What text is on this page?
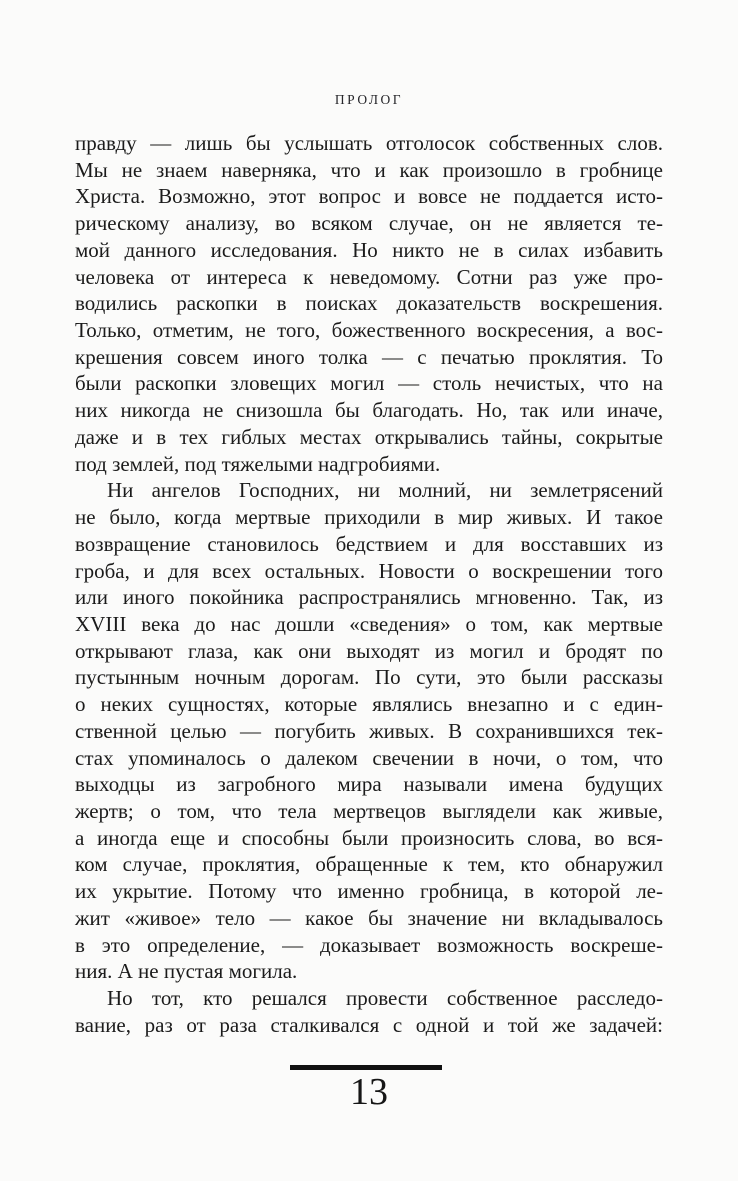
ПРОЛОГ
правду — лишь бы услышать отголосок собственных слов.
Мы не знаем наверняка, что и как произошло в гробнице
Христа. Возможно, этот вопрос и вовсе не поддается исто-
рическому анализу, во всяком случае, он не является те-
мой данного исследования. Но никто не в силах избавить
человека от интереса к неведомому. Сотни раз уже про-
водились раскопки в поисках доказательств воскрешения.
Только, отметим, не того, божественного воскресения, а вос-
крешения совсем иного толка — с печатью проклятия. То
были раскопки зловещих могил — столь нечистых, что на
них никогда не снизошла бы благодать. Но, так или иначе,
даже и в тех гиблых местах открывались тайны, сокрытые
под землей, под тяжелыми надгробиями.
Ни ангелов Господних, ни молний, ни землетрясений
не было, когда мертвые приходили в мир живых. И такое
возвращение становилось бедствием и для восставших из
гроба, и для всех остальных. Новости о воскрешении того
или иного покойника распространялись мгновенно. Так, из
XVIII века до нас дошли «сведения» о том, как мертвые
открывают глаза, как они выходят из могил и бродят по
пустынным ночным дорогам. По сути, это были рассказы
о неких сущностях, которые являлись внезапно и с един-
ственной целью — погубить живых. В сохранившихся тек-
стах упоминалось о далеком свечении в ночи, о том, что
выходцы из загробного мира называли имена будущих
жертв; о том, что тела мертвецов выглядели как живые,
а иногда еще и способны были произносить слова, во вся-
ком случае, проклятия, обращенные к тем, кто обнаружил
их укрытие. Потому что именно гробница, в которой ле-
жит «живое» тело — какое бы значение ни вкладывалось
в это определение, — доказывает возможность воскреше-
ния. А не пустая могила.
Но тот, кто решался провести собственное расследо-
вание, раз от раза сталкивался с одной и той же задачей:
13
